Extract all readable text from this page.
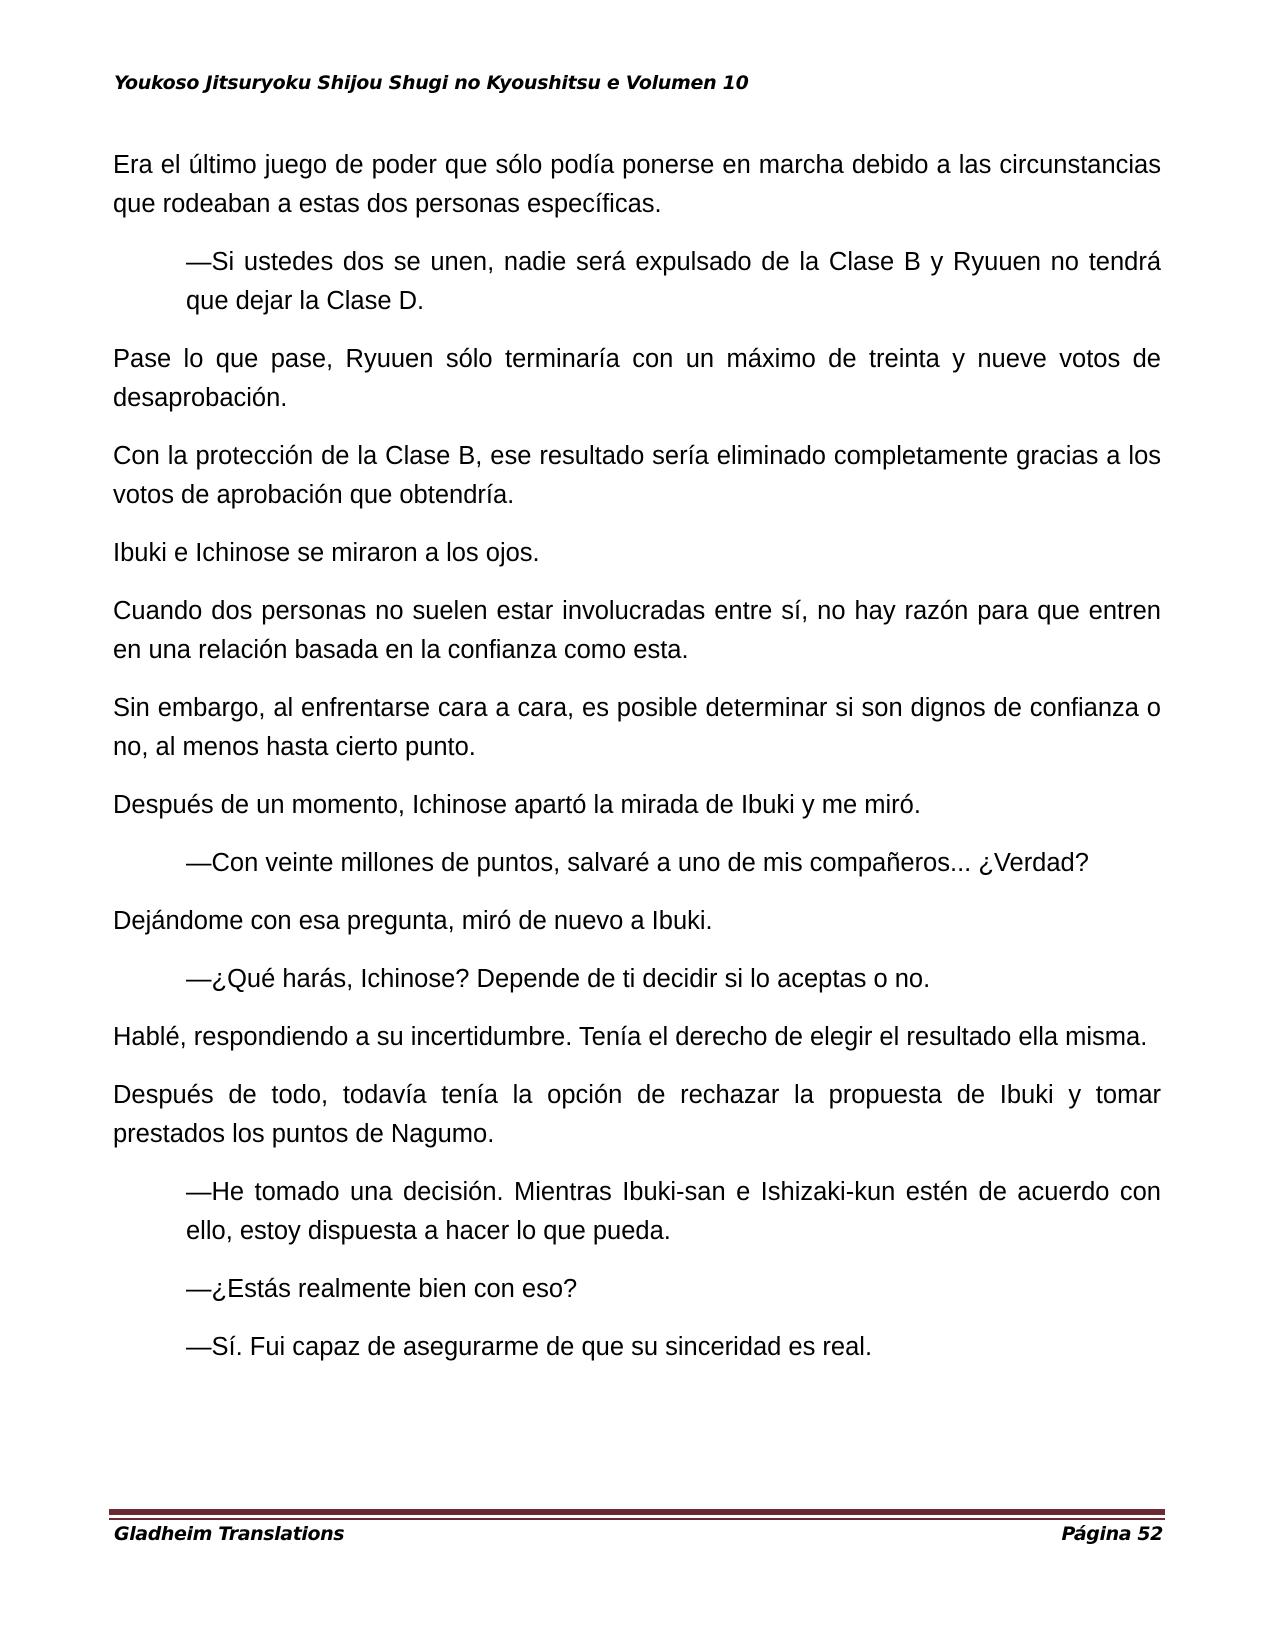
Youkoso Jitsuryoku Shijou Shugi no Kyoushitsu e Volumen 10

Era el último juego de poder que sólo podía ponerse en marcha debido a las circunstancias que rodeaban a estas dos personas específicas.

—Si ustedes dos se unen, nadie será expulsado de la Clase B y Ryuuen no tendrá que dejar la Clase D.

Pase lo que pase, Ryuuen sólo terminaría con un máximo de treinta y nueve votos de desaprobación.

Con la protección de la Clase B, ese resultado sería eliminado completamente gracias a los votos de aprobación que obtendría.

Ibuki e Ichinose se miraron a los ojos.

Cuando dos personas no suelen estar involucradas entre sí, no hay razón para que entren en una relación basada en la confianza como esta.

Sin embargo, al enfrentarse cara a cara, es posible determinar si son dignos de confianza o no, al menos hasta cierto punto.

Después de un momento, Ichinose apartó la mirada de Ibuki y me miró.

—Con veinte millones de puntos, salvaré a uno de mis compañeros... ¿Verdad?

Dejándome con esa pregunta, miró de nuevo a Ibuki.

—¿Qué harás, Ichinose? Depende de ti decidir si lo aceptas o no.

Hablé, respondiendo a su incertidumbre. Tenía el derecho de elegir el resultado ella misma.

Después de todo, todavía tenía la opción de rechazar la propuesta de Ibuki y tomar prestados los puntos de Nagumo.

—He tomado una decisión. Mientras Ibuki-san e Ishizaki-kun estén de acuerdo con ello, estoy dispuesta a hacer lo que pueda.

—¿Estás realmente bien con eso?

—Sí. Fui capaz de asegurarme de que su sinceridad es real.

Gladheim Translations	Página 52
